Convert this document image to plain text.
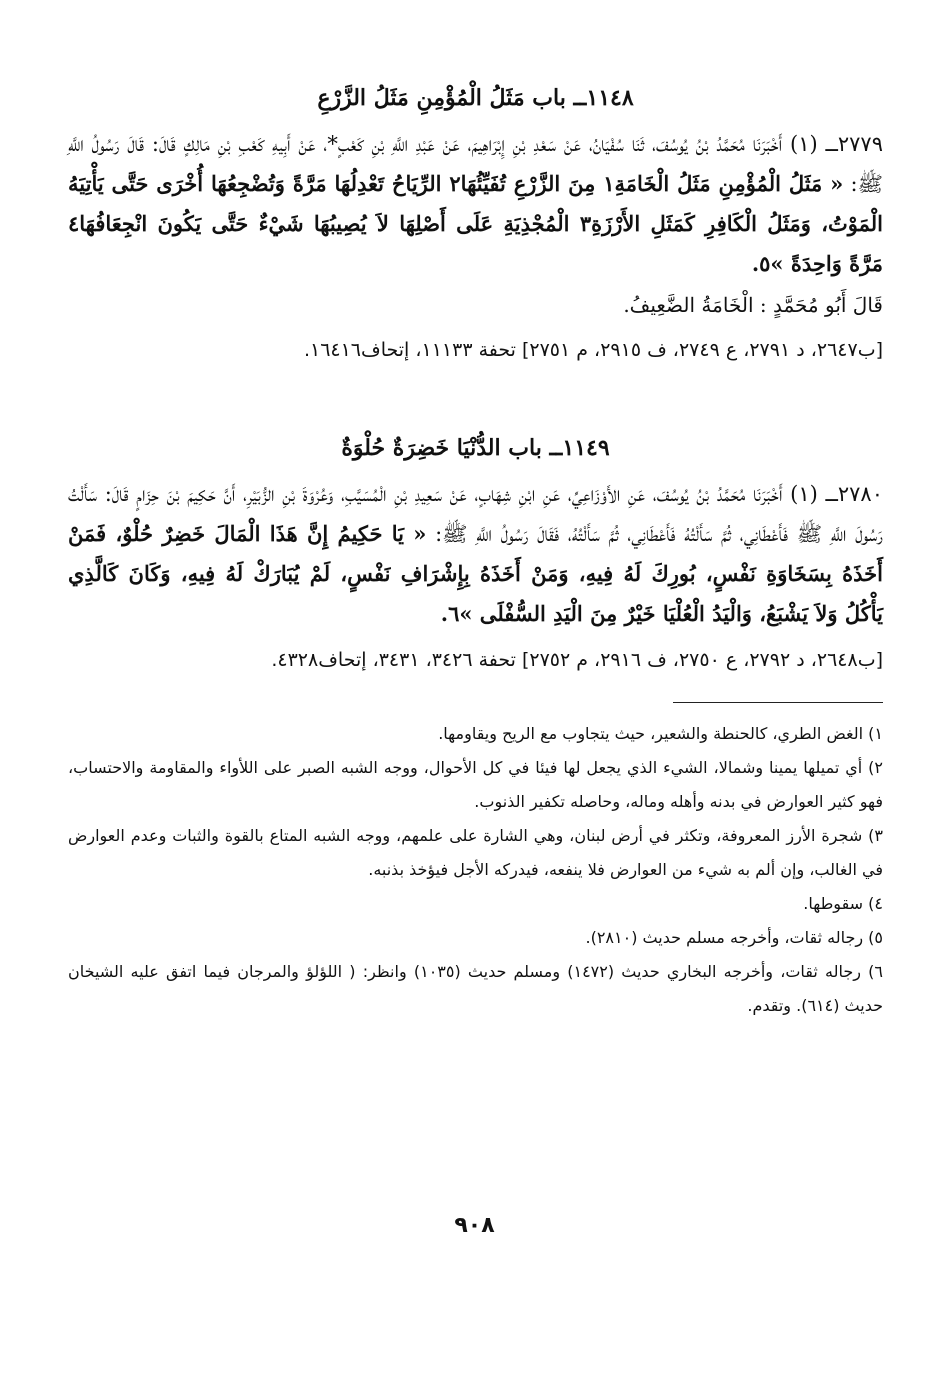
١١٤٨ــ باب مَثَلُ الْمُؤْمِنِ مَثَلُ الزَّرْعِ

٢٧٧٩ــ (١) أَخْبَرَنَا مُحَمَّدُ بْنُ يُوسُفَ، ثَنَا سُفْيَانُ، عَنْ سَعْدِ بْنِ إِبْرَاهِيمَ، عَنْ عَبْدِ اللَّهِ بْنِ كَعْبٍ*، عَنْ أَبِيهِ كَعْبِ بْنِ مَالِكٍ قَالَ: قَالَ رَسُولُ اللَّهِ ﷺ: « مَثَلُ الْمُؤْمِنِ مَثَلُ الْخَامَةِ١ مِنَ الزَّرْعِ تُفَيِّئُهَا٢ الرِّيَاحُ تَعْدِلُهَا مَرَّةً وَتُضْجِعُهَا أُخْرَى حَتَّى يَأْتِيَهُ الْمَوْتُ، وَمَثَلُ الْكَافِرِ كَمَثَلِ الأَرْزَةِ٣ الْمُجْذِيَةِ عَلَى أَصْلِهَا لاَ يُصِيبُهَا شَيْءٌ حَتَّى يَكُونَ انْجِعَافُهَا٤ مَرَّةً وَاحِدَةً »٥.

قَالَ أَبُو مُحَمَّدٍ : الْخَامَةُ الضَّعِيفُ.

[ب٢٦٤٧، د ٢٧٩١، ع ٢٧٤٩، ف ٢٩١٥، م ٢٧٥١] تحفة ١١١٣٣، إتحاف١٦٤١٦.

١١٤٩ــ باب الدُّنْيَا خَضِرَةٌ حُلْوَةٌ

٢٧٨٠ــ (١) أَخْبَرَنَا مُحَمَّدُ بْنُ يُوسُفَ، عَنِ الأَوْزَاعِيِّ، عَنِ ابْنِ شِهَابٍ، عَنْ سَعِيدِ بْنِ الْمُسَيَّبِ، وَعُرْوَةَ بْنِ الزُّبَيْرِ، أَنَّ حَكِيمَ بْنَ حِزَامٍ قَالَ: سَأَلْتُ رَسُولَ اللَّهِ ﷺ فَأَعْطَانِي، ثُمَّ سَأَلْتُهُ فَأَعْطَانِي، ثُمَّ سَأَلْتُهُ، فَقَالَ رَسُولُ اللَّهِ ﷺ: « يَا حَكِيمُ إِنَّ هَذَا الْمَالَ خَضِرٌ حُلْوٌ، فَمَنْ أَخَذَهُ بِسَخَاوَةِ نَفْسٍ، بُورِكَ لَهُ فِيهِ، وَمَنْ أَخَذَهُ بِإِشْرَافِ نَفْسٍ، لَمْ يُبَارَكْ لَهُ فِيهِ، وَكَانَ كَالَّذِي يَأْكُلُ وَلاَ يَشْبَعُ، وَالْيَدُ الْعُلْيَا خَيْرٌ مِنَ الْيَدِ السُّفْلَى »٦.

[ب٢٦٤٨، د ٢٧٩٢، ع ٢٧٥٠، ف ٢٩١٦، م ٢٧٥٢] تحفة ٣٤٢٦، ٣٤٣١، إتحاف٤٣٢٨.

١) الغض الطري، كالحنطة والشعير، حيث يتجاوب مع الريح ويقاومها.

٢) أي تميلها يمينا وشمالا، الشيء الذي يجعل لها فيئا في كل الأحوال، ووجه الشبه الصبر على اللأواء والمقاومة والاحتساب، فهو كثير العوارض في بدنه وأهله وماله، وحاصله تكفير الذنوب.

٣) شجرة الأرز المعروفة، وتكثر في أرض لبنان، وهي الشارة على علمهم، ووجه الشبه المتاع بالقوة والثبات وعدم العوارض في الغالب، وإن ألم به شيء من العوارض فلا ينفعه، فيدركه الأجل فيؤخذ بذنبه.

٤) سقوطها.

٥) رجاله ثقات، وأخرجه مسلم حديث (٢٨١٠).

٦) رجاله ثقات، وأخرجه البخاري حديث (١٤٧٢) ومسلم حديث (١٠٣٥) وانظر: ( اللؤلؤ والمرجان فيما اتفق عليه الشيخان حديث (٦١٤). وتقدم.

٩٠٨
